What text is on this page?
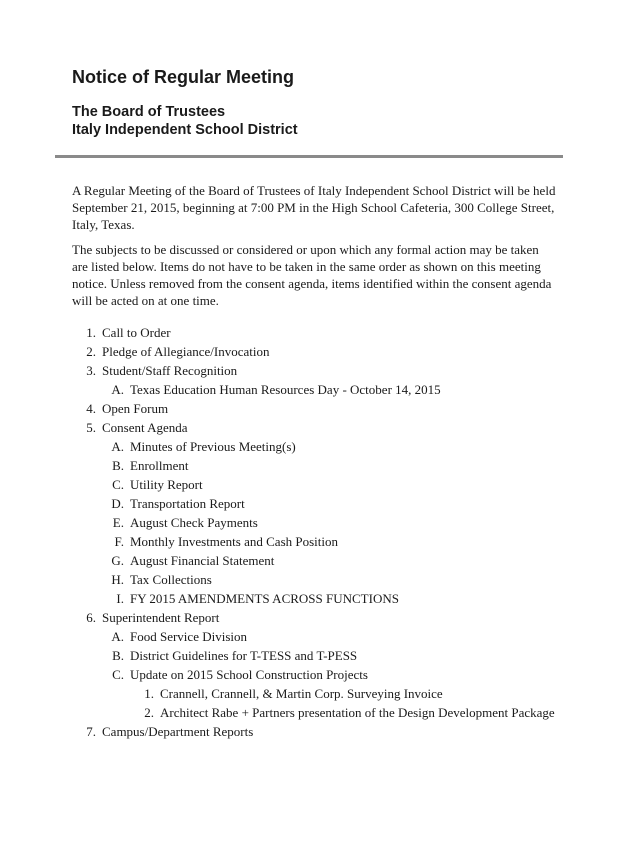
Notice of Regular Meeting
The Board of Trustees
Italy Independent School District

A Regular Meeting of the Board of Trustees of Italy Independent School District will be held September 21, 2015, beginning at 7:00 PM in the High School Cafeteria, 300 College Street, Italy, Texas.

The subjects to be discussed or considered or upon which any formal action may be taken are listed below. Items do not have to be taken in the same order as shown on this meeting notice. Unless removed from the consent agenda, items identified within the consent agenda will be acted on at one time.

1. Call to Order
2. Pledge of Allegiance/Invocation
3. Student/Staff Recognition
A. Texas Education Human Resources Day - October 14, 2015
4. Open Forum
5. Consent Agenda
A. Minutes of Previous Meeting(s)
B. Enrollment
C. Utility Report
D. Transportation Report
E. August Check Payments
F. Monthly Investments and Cash Position
G. August Financial Statement
H. Tax Collections
I. FY 2015 AMENDMENTS ACROSS FUNCTIONS
6. Superintendent Report
A. Food Service Division
B. District Guidelines for T-TESS and T-PESS
C. Update on 2015 School Construction Projects
1. Crannell, Crannell, & Martin Corp. Surveying Invoice
2. Architect Rabe + Partners presentation of the Design Development Package
7. Campus/Department Reports
